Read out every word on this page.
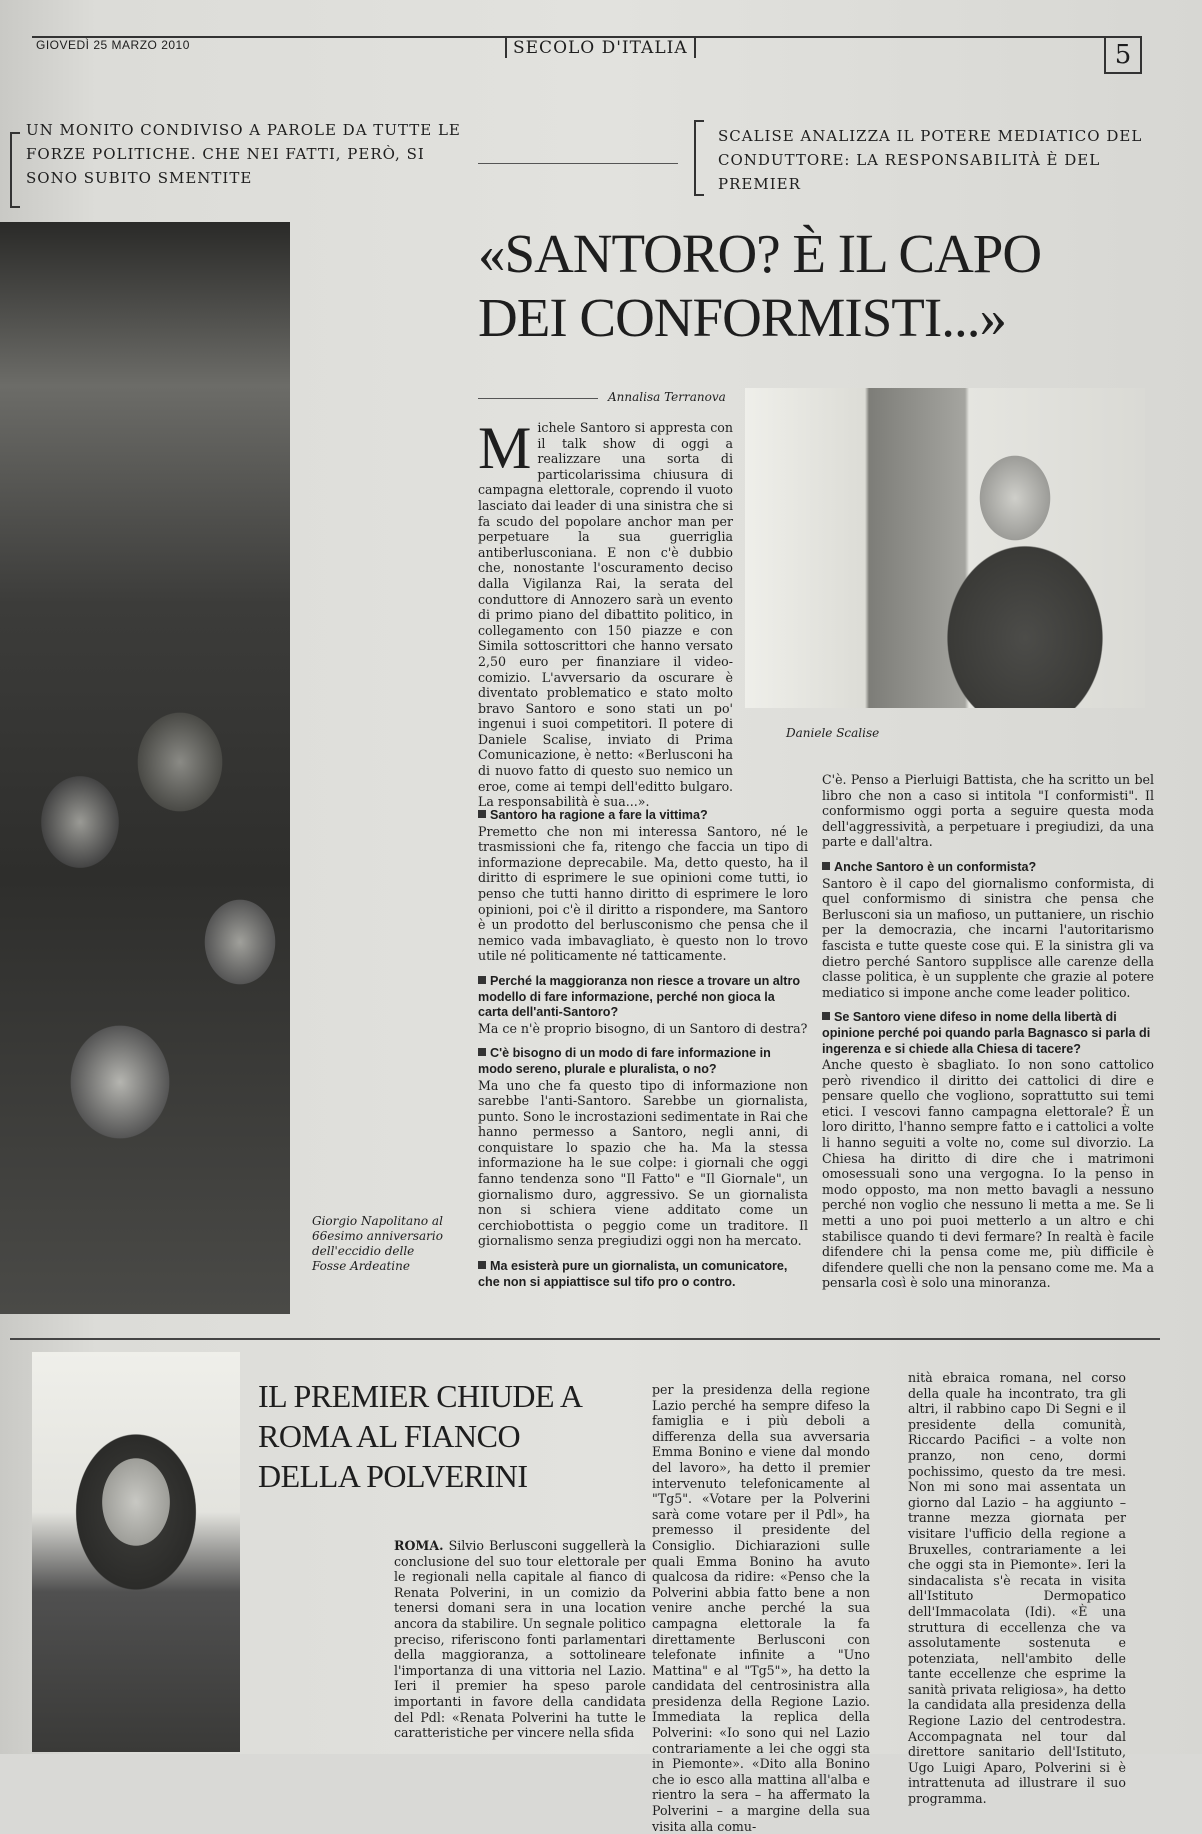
GIOVEDÌ 25 MARZO 2010	SECOLO D'ITALIA	5
UN MONITO CONDIVISO A PAROLE DA TUTTE LE FORZE POLITICHE. CHE NEI FATTI, PERÒ, SI SONO SUBITO SMENTITE
SCALISE ANALIZZA IL POTERE MEDIATICO DEL CONDUTTORE: LA RESPONSABILITÀ È DEL PREMIER
«SANTORO? È IL CAPO DEI CONFORMISTI...»
Giorgio Napolitano al 66esimo anniversario dell'eccidio delle Fosse Ardeatine
Annalisa Terranova
Michele Santoro si appresta con il talk show di oggi a realizzare una sorta di particolarissima chiusura di campagna elettorale, coprendo il vuoto lasciato dai leader di una sinistra che si fa scudo del popolare anchor man per perpetuare la sua guerriglia antiberlusconiana. E non c'è dubbio che, nonostante l'oscuramento deciso dalla Vigilanza Rai, la serata del conduttore di Annozero sarà un evento di primo piano del dibattito politico, in collegamento con 150 piazze e con Simila sottoscrittori che hanno versato 2,50 euro per finanziare il video-comizio. L'avversario da oscurare è diventato problematico e stato molto bravo Santoro e sono stati un po' ingenui i suoi competitori. Il potere di Daniele Scalise, inviato di Prima Comunicazione, è netto: «Berlusconi ha di nuovo fatto di questo suo nemico un eroe, come ai tempi dell'editto bulgaro. La responsabilità è sua...».
Daniele Scalise
Santoro ha ragione a fare la vittima?
Premetto che non mi interessa Santoro, né le trasmissioni che fa, ritengo che faccia un tipo di informazione deprecabile. Ma, detto questo, ha il diritto di esprimere le sue opinioni come tutti, io penso che tutti hanno diritto di esprimere le loro opinioni, poi c'è il diritto a rispondere, ma Santoro è un prodotto del berlusconismo che pensa che il nemico vada imbavagliato, è questo non lo trovo utile né politicamente né tatticamente.
Perché la maggioranza non riesce a trovare un altro modello di fare informazione, perché non gioca la carta dell'anti-Santoro?
Ma ce n'è proprio bisogno, di un Santoro di destra?
C'è bisogno di un modo di fare informazione in modo sereno, plurale e pluralista, o no?
Ma uno che fa questo tipo di informazione non sarebbe l'anti-Santoro. Sarebbe un giornalista, punto. Sono le incrostazioni sedimentate in Rai che hanno permesso a Santoro, negli anni, di conquistare lo spazio che ha. Ma la stessa informazione ha le sue colpe: i giornali che oggi fanno tendenza sono "Il Fatto" e "Il Giornale", un giornalismo duro, aggressivo. Se un giornalista non si schiera viene additato come un cerchiobottista o peggio come un traditore. Il giornalismo senza pregiudizi oggi non ha mercato.
Ma esisterà pure un giornalista, un comunicatore, che non si appiattisce sul tifo pro o contro.
C'è. Penso a Pierluigi Battista, che ha scritto un bel libro che non a caso si intitola "I conformisti". Il conformismo oggi porta a seguire questa moda dell'aggressività, a perpetuare i pregiudizi, da una parte e dall'altra.
Anche Santoro è un conformista?
Santoro è il capo del giornalismo conformista, di quel conformismo di sinistra che pensa che Berlusconi sia un mafioso, un puttaniere, un rischio per la democrazia, che incarni l'autoritarismo fascista e tutte queste cose qui. E la sinistra gli va dietro perché Santoro supplisce alle carenze della classe politica, è un supplente che grazie al potere mediatico si impone anche come leader politico.
Se Santoro viene difeso in nome della libertà di opinione perché poi quando parla Bagnasco si parla di ingerenza e si chiede alla Chiesa di tacere?
Anche questo è sbagliato. Io non sono cattolico però rivendico il diritto dei cattolici di dire e pensare quello che vogliono, soprattutto sui temi etici. I vescovi fanno campagna elettorale? È un loro diritto, l'hanno sempre fatto e i cattolici a volte li hanno seguiti a volte no, come sul divorzio. La Chiesa ha diritto di dire che i matrimoni omosessuali sono una vergogna. Io la penso in modo opposto, ma non metto bavagli a nessuno perché non voglio che nessuno li metta a me. Se li metti a uno poi puoi metterlo a un altro e chi stabilisce quando ti devi fermare? In realtà è facile difendere chi la pensa come me, più difficile è difendere quelli che non la pensano come me. Ma a pensarla così è solo una minoranza.
IL PREMIER CHIUDE A ROMA AL FIANCO DELLA POLVERINI
ROMA. Silvio Berlusconi suggellerà la conclusione del suo tour elettorale per le regionali nella capitale al fianco di Renata Polverini, in un comizio da tenersi domani sera in una location ancora da stabilire. Un segnale politico preciso, riferiscono fonti parlamentari della maggioranza, a sottolineare l'importanza di una vittoria nel Lazio. Ieri il premier ha speso parole importanti in favore della candidata del Pdl: «Renata Polverini ha tutte le caratteristiche per vincere nella sfida
per la presidenza della regione Lazio perché ha sempre difeso la famiglia e i più deboli a differenza della sua avversaria Emma Bonino e viene dal mondo del lavoro», ha detto il premier intervenuto telefonicamente al "Tg5". «Votare per la Polverini sarà come votare per il Pdl», ha premesso il presidente del Consiglio. Dichiarazioni sulle quali Emma Bonino ha avuto qualcosa da ridire: «Penso che la Polverini abbia fatto bene a non venire anche perché la sua campagna elettorale la fa direttamente Berlusconi con telefonate infinite a "Uno Mattina" e al "Tg5"», ha detto la candidata del centrosinistra alla presidenza della Regione Lazio. Immediata la replica della Polverini: «Io sono qui nel Lazio contrariamente a lei che oggi sta in Piemonte». «Dito alla Bonino che io esco alla mattina all'alba e rientro la sera – ha affermato la Polverini – a margine della sua visita alla comu-
nità ebraica romana, nel corso della quale ha incontrato, tra gli altri, il rabbino capo Di Segni e il presidente della comunità, Riccardo Pacifici – a volte non pranzo, non ceno, dormi pochissimo, questo da tre mesi. Non mi sono mai assentata un giorno dal Lazio – ha aggiunto – tranne mezza giornata per visitare l'ufficio della regione a Bruxelles, contrariamente a lei che oggi sta in Piemonte». Ieri la sindacalista s'è recata in visita all'Istituto Dermopatico dell'Immacolata (Idi). «È una struttura di eccellenza che va assolutamente sostenuta e potenziata, nell'ambito delle tante eccellenze che esprime la sanità privata religiosa», ha detto la candidata alla presidenza della Regione Lazio del centrodestra. Accompagnata nel tour dal direttore sanitario dell'Istituto, Ugo Luigi Aparo, Polverini si è intrattenuta ad illustrare il suo programma.
